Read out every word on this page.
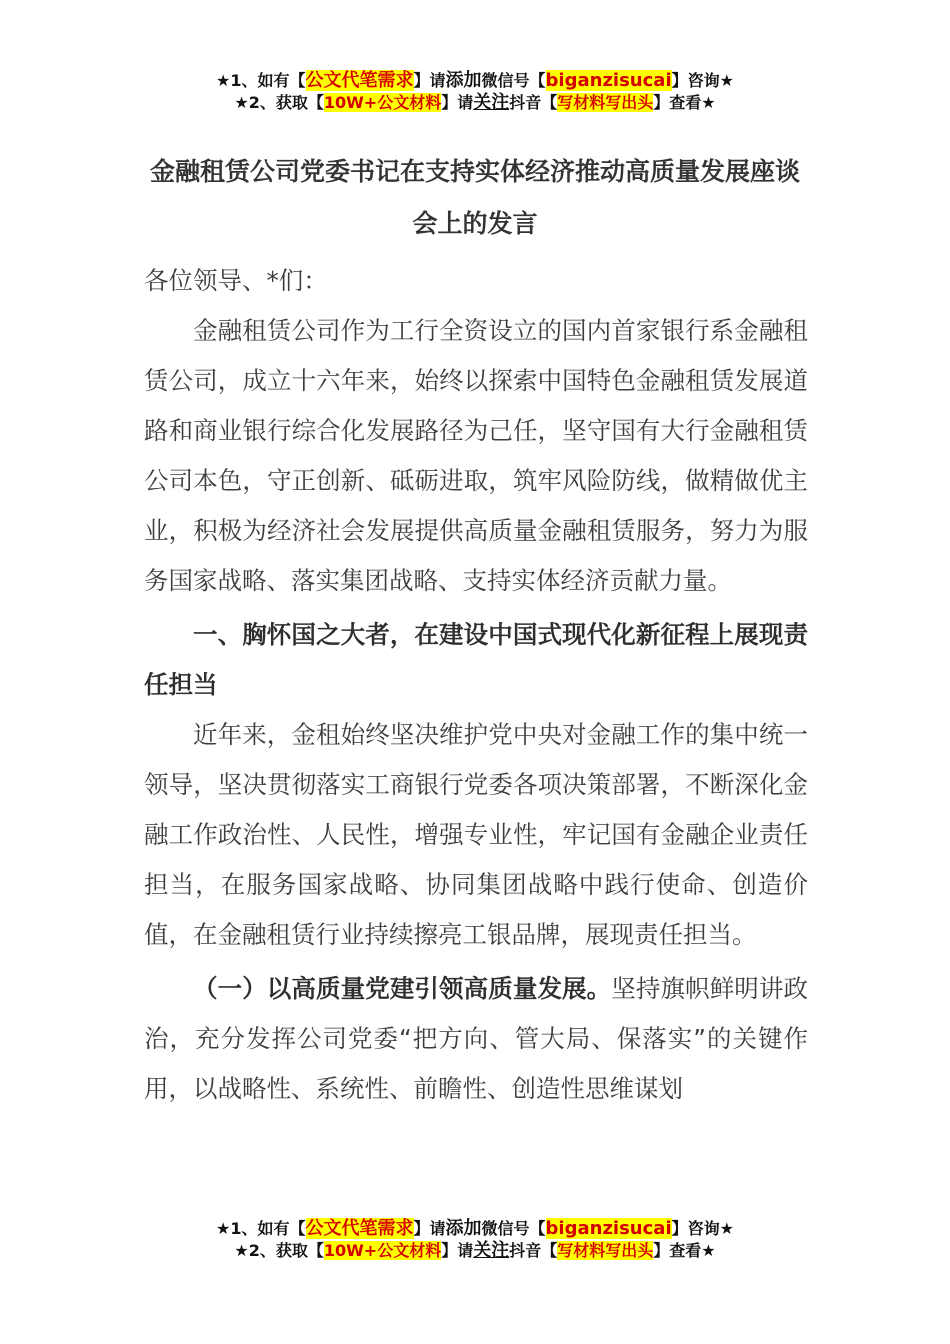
★1、如有【公文代笔需求】请添加微信号【biganzisucai】咨询★
★2、获取【10W+公文材料】请关注抖音【写材料写出头】查看★
金融租赁公司党委书记在支持实体经济推动高质量发展座谈会上的发言

各位领导、*们：

金融租赁公司作为工行全资设立的国内首家银行系金融租赁公司，成立十六年来，始终以探索中国特色金融租赁发展道路和商业银行综合化发展路径为己任，坚守国有大行金融租赁公司本色，守正创新、砥砺进取，筑牢风险防线，做精做优主业，积极为经济社会发展提供高质量金融租赁服务，努力为服务国家战略、落实集团战略、支持实体经济贡献力量。

一、胸怀国之大者，在建设中国式现代化新征程上展现责任担当

近年来，金租始终坚决维护党中央对金融工作的集中统一领导，坚决贯彻落实工商银行党委各项决策部署，不断深化金融工作政治性、人民性，增强专业性，牢记国有金融企业责任担当，在服务国家战略、协同集团战略中践行使命、创造价值，在金融租赁行业持续擦亮工银品牌，展现责任担当。

（一）以高质量党建引领高质量发展。坚持旗帜鲜明讲政治，充分发挥公司党委“把方向、管大局、保落实”的关键作用，以战略性、系统性、前瞻性、创造性思维谋划

★1、如有【公文代笔需求】请添加微信号【biganzisucai】咨询★
★2、获取【10W+公文材料】请关注抖音【写材料写出头】查看★
